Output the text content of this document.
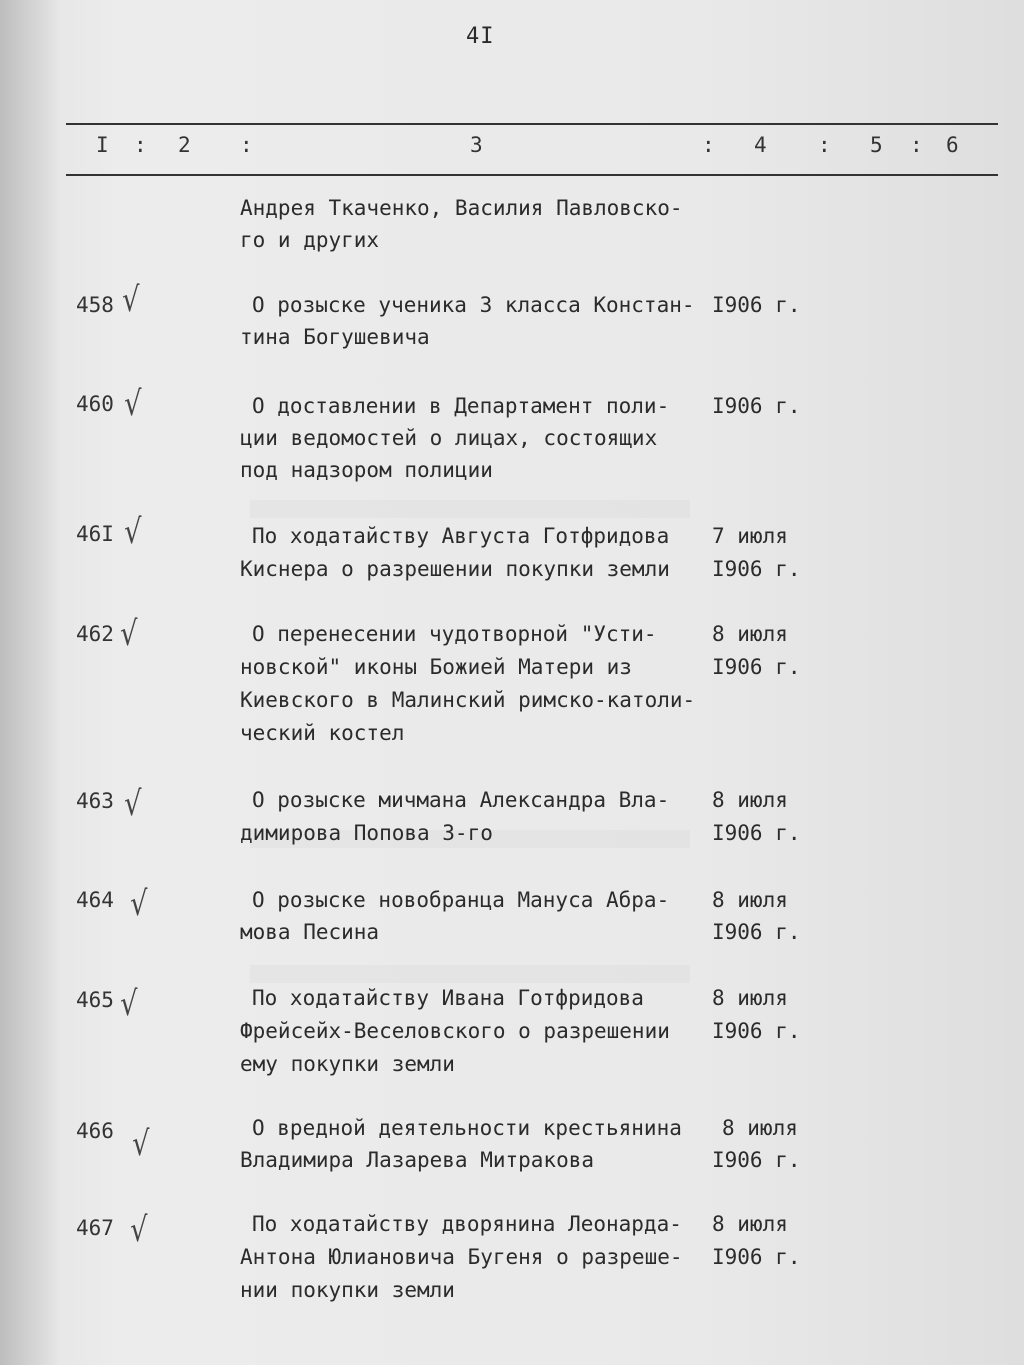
4I
I : 2 :	3	: 4 : 5 : 6
Андрея Ткаченко, Василия Павловско-
го и других
458 √	О розыске ученика 3 класса Констан-
тина Богушевича
I906 г.
460 √	О доставлении в Департамент поли-
ции ведомостей о лицах, состоящих
под надзором полиции
I906 г.
46I √	По ходатайству Августа Готфридова
Киснера о разрешении покупки земли
7 июля
I906 г.
462 √	О перенесении чудотворной "Усти-
новской" иконы Божией Матери из
Киевского в Малинский римско-католи-
ческий костел
8 июля
I906 г.
463 √	О розыске мичмана Александра Вла-
димирова Попова 3-го
8 июля
I906 г.
464 √	О розыске новобранца Мануса Абра-
мова Песина
8 июля
I906 г.
465 √	По ходатайству Ивана Готфридова
Фрейсейх-Веселовского о разрешении
ему покупки земли
8 июля
I906 г.
466 √	О вредной деятельности крестьянина
Владимира Лазарева Митракова
8 июля
I906 г.
467 √	По ходатайству дворянина Леонарда-
Антона Юлиановича Бугеня о разреше-
нии покупки земли
8 июля
I906 г.
